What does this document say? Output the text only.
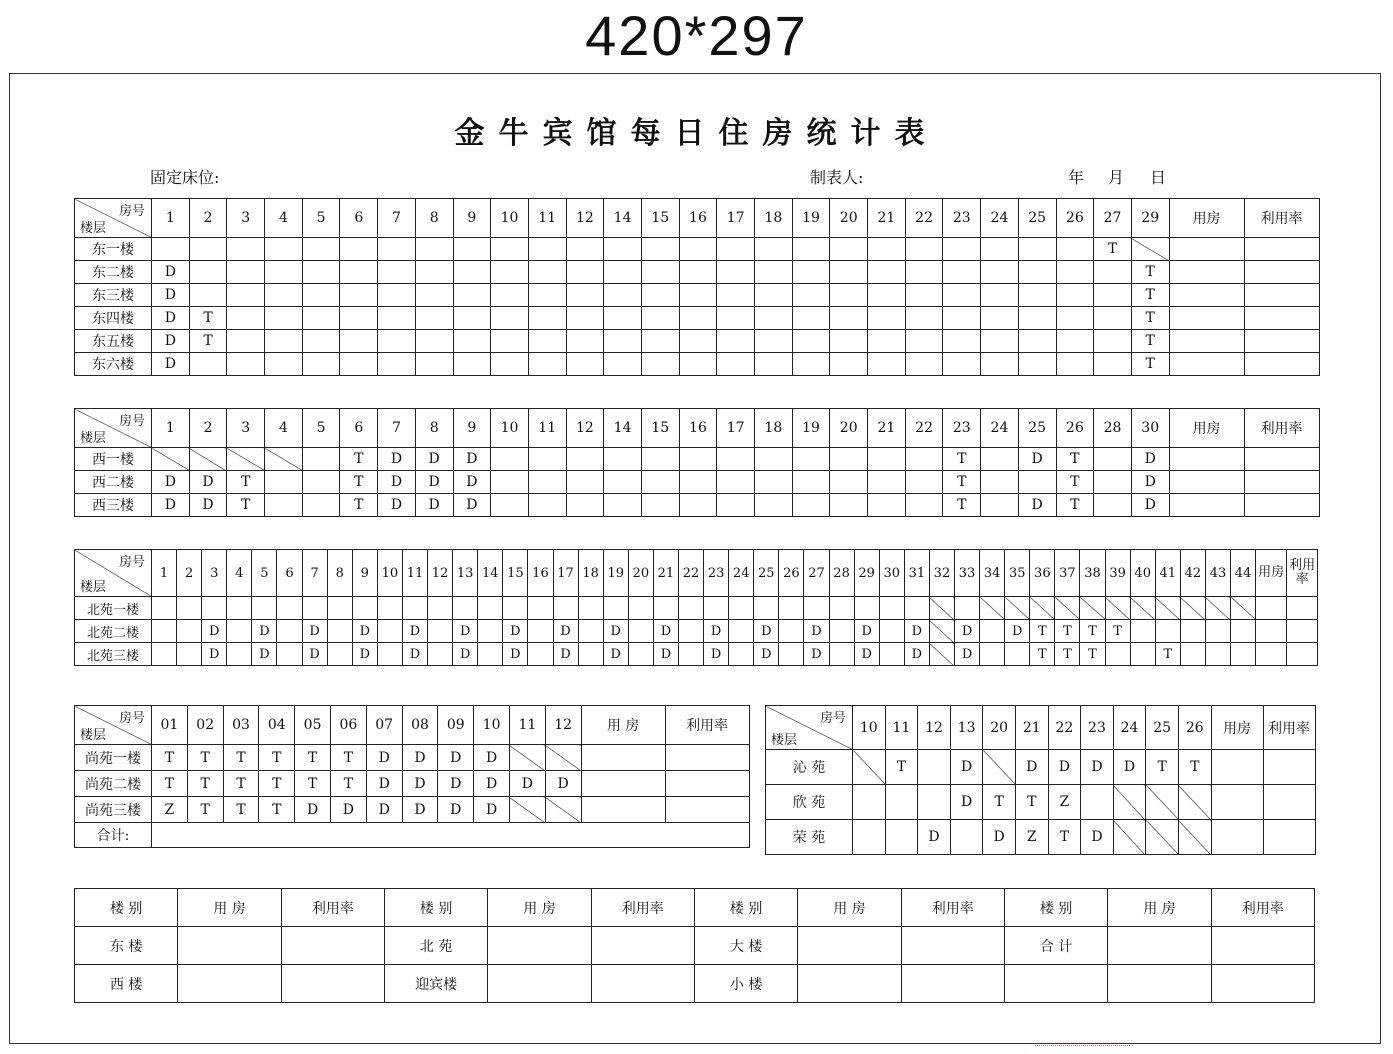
420*297
金牛宾馆每日住房统计表
固定床位:	制表人:	年 月 日
房号
楼层	1	2	3	4	5	6	7	8	9	10	11	12	14	15	16	17	18	19	20	21	22	23	24	25	26	27	29	用房	利用率
东一楼																										T			
东二楼	D																										T		
东三楼	D																										T		
东四楼	D	T																									T		
东五楼	D	T																									T		
东六楼	D																										T		
房号
楼层	1	2	3	4	5	6	7	8	9	10	11	12	14	15	16	17	18	19	20	21	22	23	24	25	26	28	30	用房	利用率
西一楼						T	D	D	D													T		D	T		D		
西二楼	D	D	T			T	D	D	D													T			T		D		
西三楼	D	D	T			T	D	D	D													T		D	T		D		
房号
楼层	1	2	3	4	5	6	7	8	9	10	11	12	13	14	15	16	17	18	19	20	21	22	23	24	25	26	27	28	29	30	31	32	33	34	35	36	37	38	39	40	41	42	43	44	用房	利用率
北苑一楼																																														
北苑二楼			D		D		D		D		D		D		D		D		D		D		D		D		D		D		D		D		D	T	T	T	T							
北苑三楼			D		D		D		D		D		D		D		D		D		D		D		D		D		D		D		D			T	T	T			T					
房号
楼层	01	02	03	04	05	06	07	08	09	10	11	12	用 房	利用率
尚苑一楼	T	T	T	T	T	T	D	D	D	D				
尚苑二楼	T	T	T	T	T	T	D	D	D	D	D	D		
尚苑三楼	Z	T	T	T	D	D	D	D	D	D				
合计:														
房号
楼层	10	11	12	13	20	21	22	23	24	25	26	用房	利用率
沁 苑		T		D		D	D	D	D	T	T		
欣 苑				D	T	T	Z						
荣 苑			D		D	Z	T	D					
楼 别	用 房	利用率	楼 别	用 房	利用率	楼 别	用 房	利用率	楼 别	用 房	利用率
东 楼			北 苑			大 楼			合 计		
西 楼			迎宾楼			小 楼					
